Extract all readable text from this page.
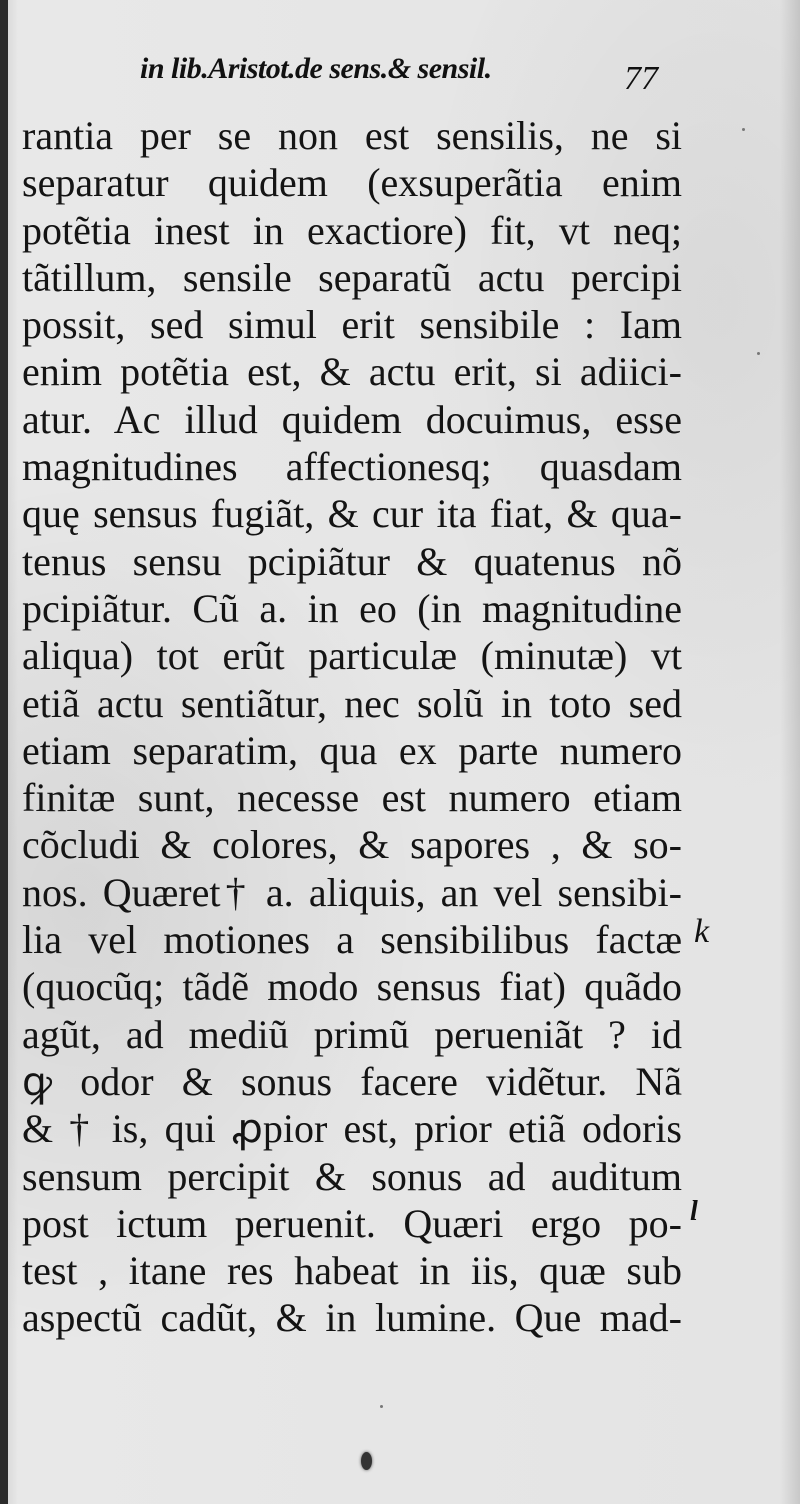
in lib.Aristot.de sens.& sensil.	77
rantia per se non est sensilis, ne si
separatur quidem (exsuperãtia enim
potẽtia inest in exactiore) fit, vt neq;
tãtillum, sensile separatũ actu percipi
possit, sed simul erit sensibile : Iam
enim potẽtia est, & actu erit, si adiici-
atur. Ac illud quidem docuimus, esse
magnitudines affectionesq; quasdam
quę sensus fugiãt, & cur ita fiat, & qua-
tenus sensu pcipiãtur & quatenus nõ
pcipiãtur. Cũ a. in eo (in magnitudine
aliqua) tot erũt particulæ (minutæ) vt
etiã actu sentiãtur, nec solũ in toto sed
etiam separatim, qua ex parte numero
finitæ sunt, necesse est numero etiam
cõcludi & colores, & sapores , & so-
nos. Quæret† a. aliquis, an vel sensibi-
lia vel motiones a sensibilibus factæ
(quocũq; tãdẽ modo sensus fiat) quãdo
agũt, ad mediũ primũ perueniãt ? id
ꝙ odor & sonus facere vidẽtur. Nã
& † is, qui ꝓpior est, prior etiã odoris
sensum percipit & sonus ad auditum
post ictum peruenit. Quæri ergo po-
test , itane res habeat in iis, quæ sub
aspectũ cadũt, & in lumine. Que mad-
k
l
